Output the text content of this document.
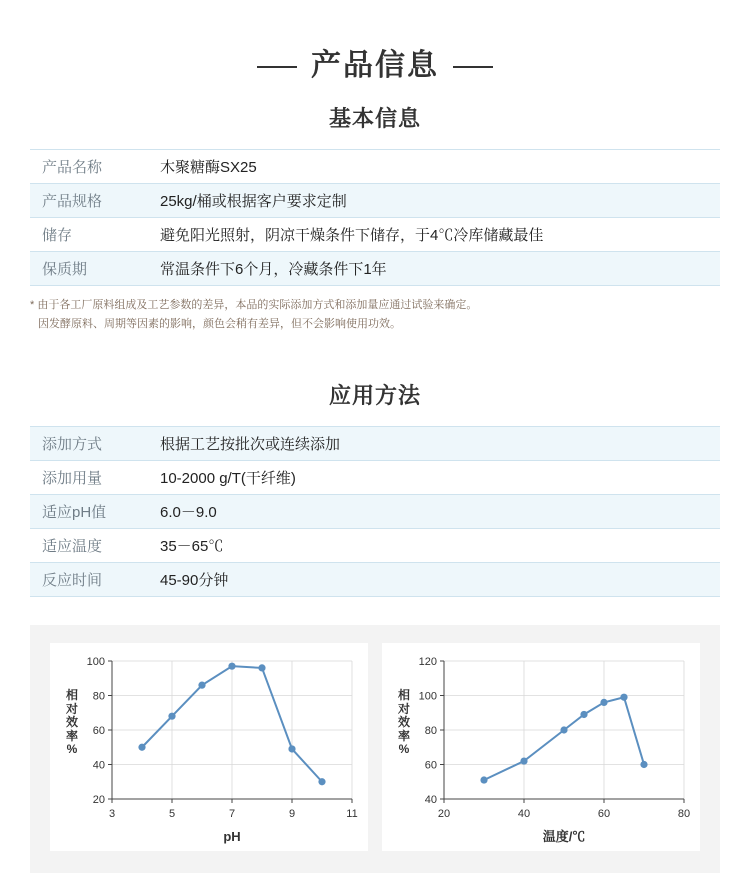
产品信息
基本信息
产品名称	木聚糖酶SX25
产品规格	25kg/桶或根据客户要求定制
储存	避免阳光照射，阴凉干燥条件下储存，于4℃冷库储藏最佳
保质期	常温条件下6个月，冷藏条件下1年
* 由于各工厂原料组成及工艺参数的差异，本品的实际添加方式和添加量应通过试验来确定。
因发酵原料、周期等因素的影响，颜色会稍有差异，但不会影响使用功效。
应用方法
添加方式	根据工艺按批次或连续添加
添加用量	10-2000 g/T(干纤维)
适应pH值	6.0－9.0
适应温度	35－65℃
反应时间	45-90分钟
相
对
效
率
%
20
40
60
80
100
3	5	7	9	11
pH
相
对
效
率
%
40
60
80
100
120
20	40	60	80
温度/℃
